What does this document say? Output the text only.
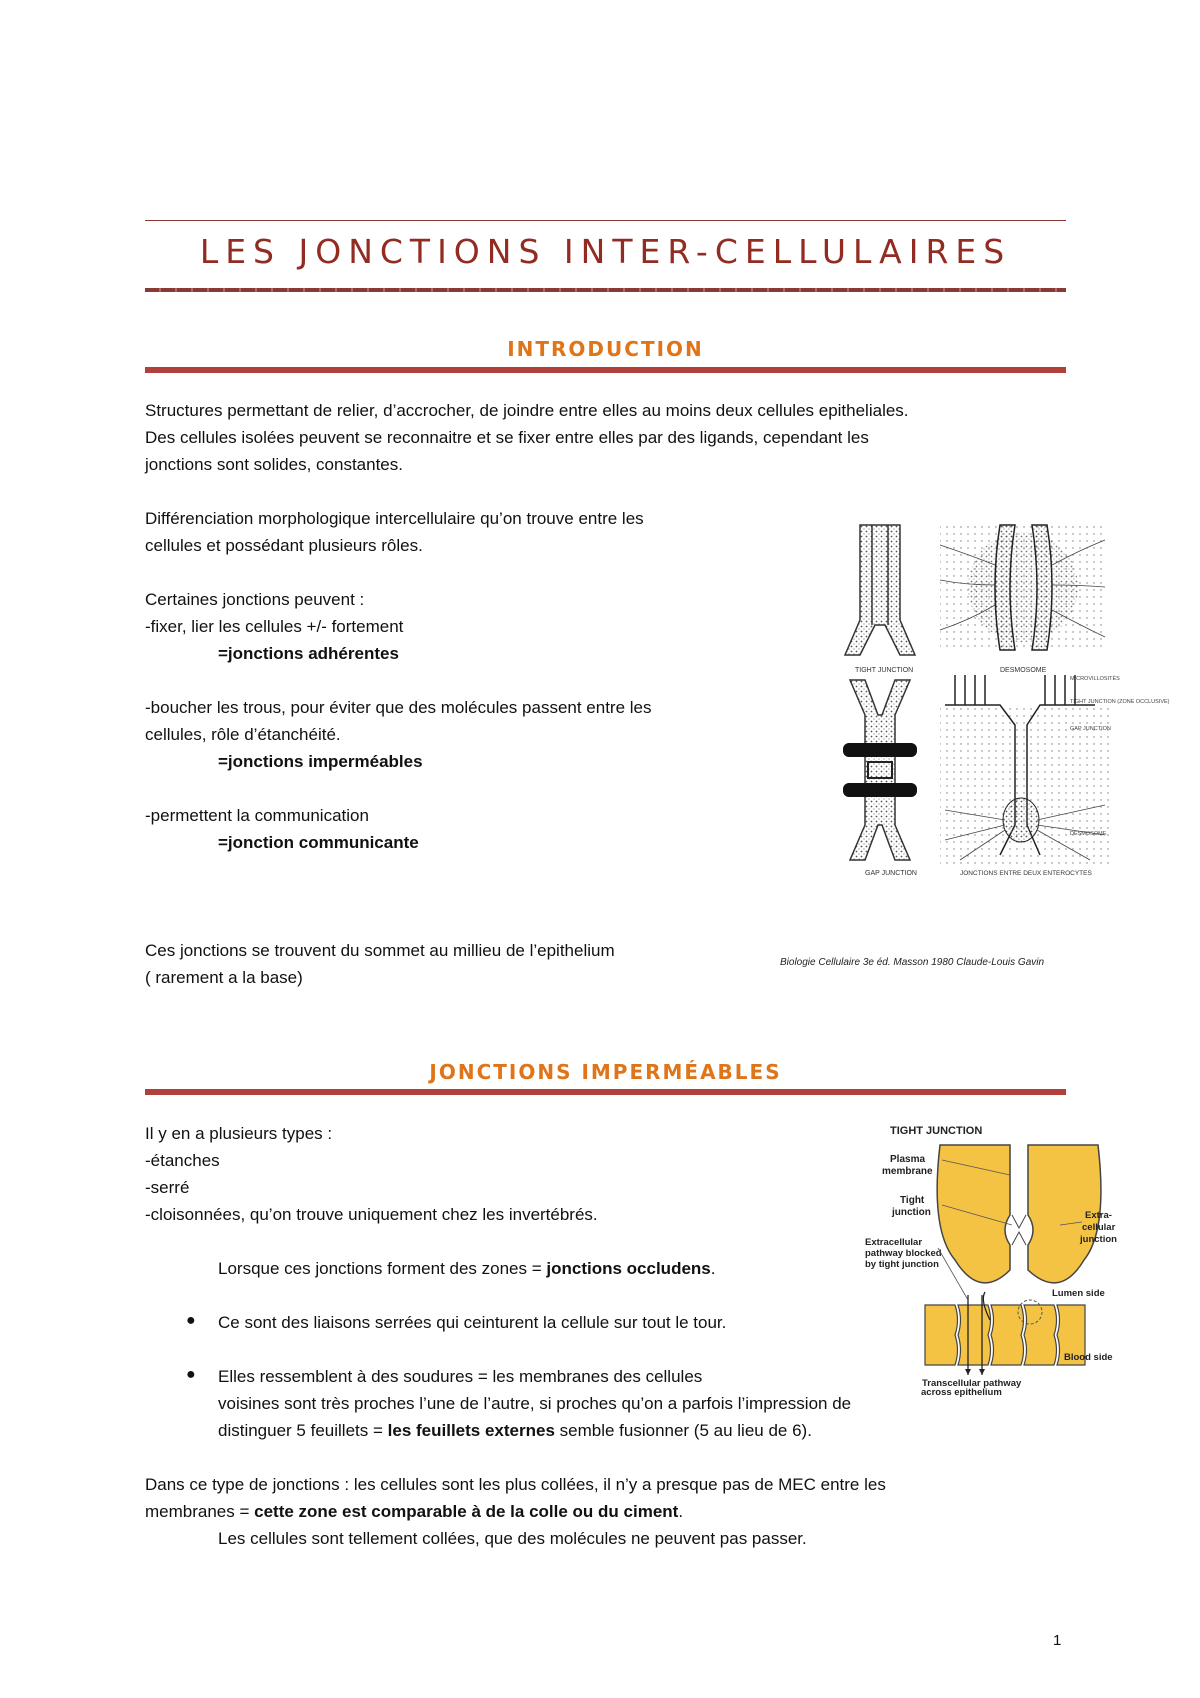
LES JONCTIONS INTER-CELLULAIRES
INTRODUCTION
Structures permettant de relier, d’accrocher, de joindre entre elles au moins deux cellules epitheliales.
Des cellules isolées peuvent se reconnaitre et se fixer entre elles par des ligands, cependant les
jonctions sont solides, constantes.
Différenciation morphologique intercellulaire qu’on trouve entre les
cellules et possédant plusieurs rôles.
Certaines jonctions peuvent :
-fixer, lier les cellules +/- fortement
=jonctions adhérentes
-boucher les trous, pour éviter que des molécules passent entre les
cellules, rôle d’étanchéité.
=jonctions imperméables
-permettent la communication
=jonction communicante
Ces jonctions se trouvent du sommet au millieu de l’epithelium
( rarement a la base)
TIGHT JUNCTION	DESMOSOME
GAP JUNCTION	JONCTIONS ENTRE DEUX ENTEROCYTES
MICROVILLOSITÉS
TIGHT JUNCTION (ZONE OCCLUSIVE)
GAP JUNCTION
DESMOSOME
Biologie Cellulaire 3e éd. Masson 1980 Claude-Louis Gavin
JONCTIONS IMPERMÉABLES
Il y en a plusieurs types :
-étanches
-serré
-cloisonnées, qu’on trouve uniquement chez les invertébrés.
Lorsque ces jonctions forment des zones = jonctions occludens.
● Ce sont des liaisons serrées qui ceinturent la cellule sur tout le tour.
● Elles ressemblent à des soudures = les membranes des cellules
voisines sont très proches l’une de l’autre, si proches qu’on a parfois l’impression de
distinguer 5 feuillets = les feuillets externes semble fusionner (5 au lieu de 6).
Dans ce type de jonctions : les cellules sont les plus collées, il n’y a presque pas de MEC entre les
membranes = cette zone est comparable à de la colle ou du ciment.
Les cellules sont tellement collées, que des molécules ne peuvent pas passer.
TIGHT JUNCTION
Plasma
membrane
Tight
junction
Extracellular
pathway blocked
by tight junction
Extra-
cellular
junction
Lumen side
Blood side
Transcellular pathway
across epithelium
1
